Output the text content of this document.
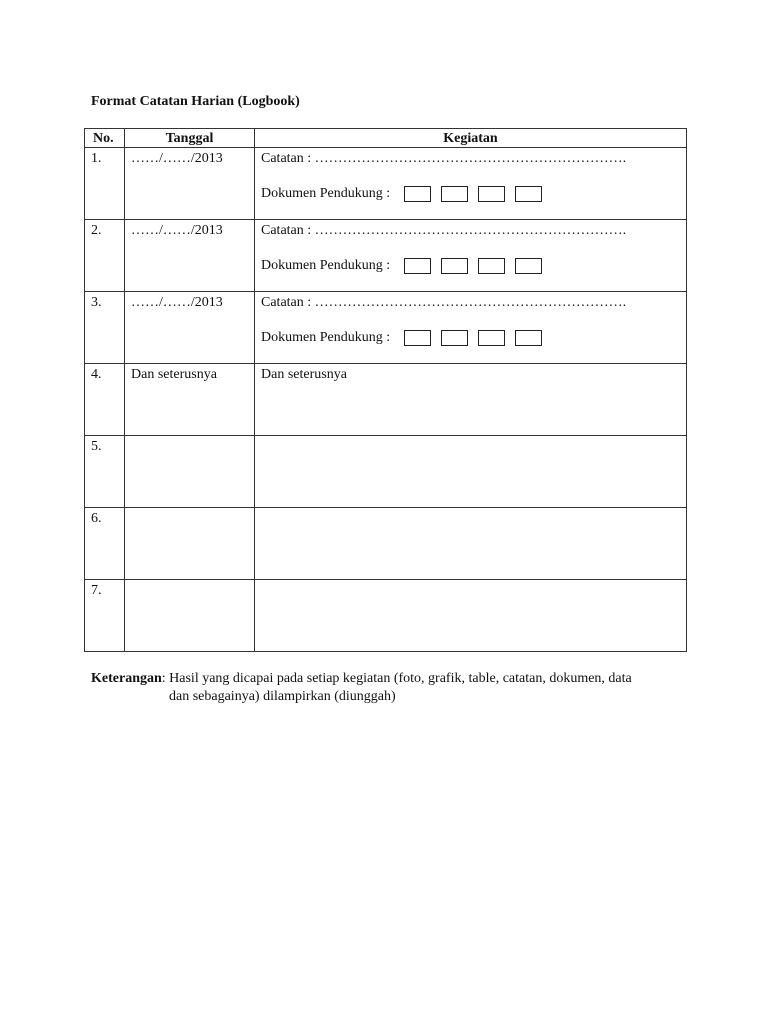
Format Catatan Harian (Logbook)
No.	Tanggal	Kegiatan
1.	……/……/2013	Catatan : ………………………………………………………….
Dokumen Pendukung :

2.	……/……/2013	Catatan : ………………………………………………………….
Dokumen Pendukung :

3.	……/……/2013	Catatan : ………………………………………………………….
Dokumen Pendukung :

4.	Dan seterusnya	Dan seterusnya
5.		
6.		
7.		
Keterangan: Hasil yang dicapai pada setiap kegiatan (foto, grafik, table, catatan, dokumen, data
dan sebagainya) dilampirkan (diunggah)
